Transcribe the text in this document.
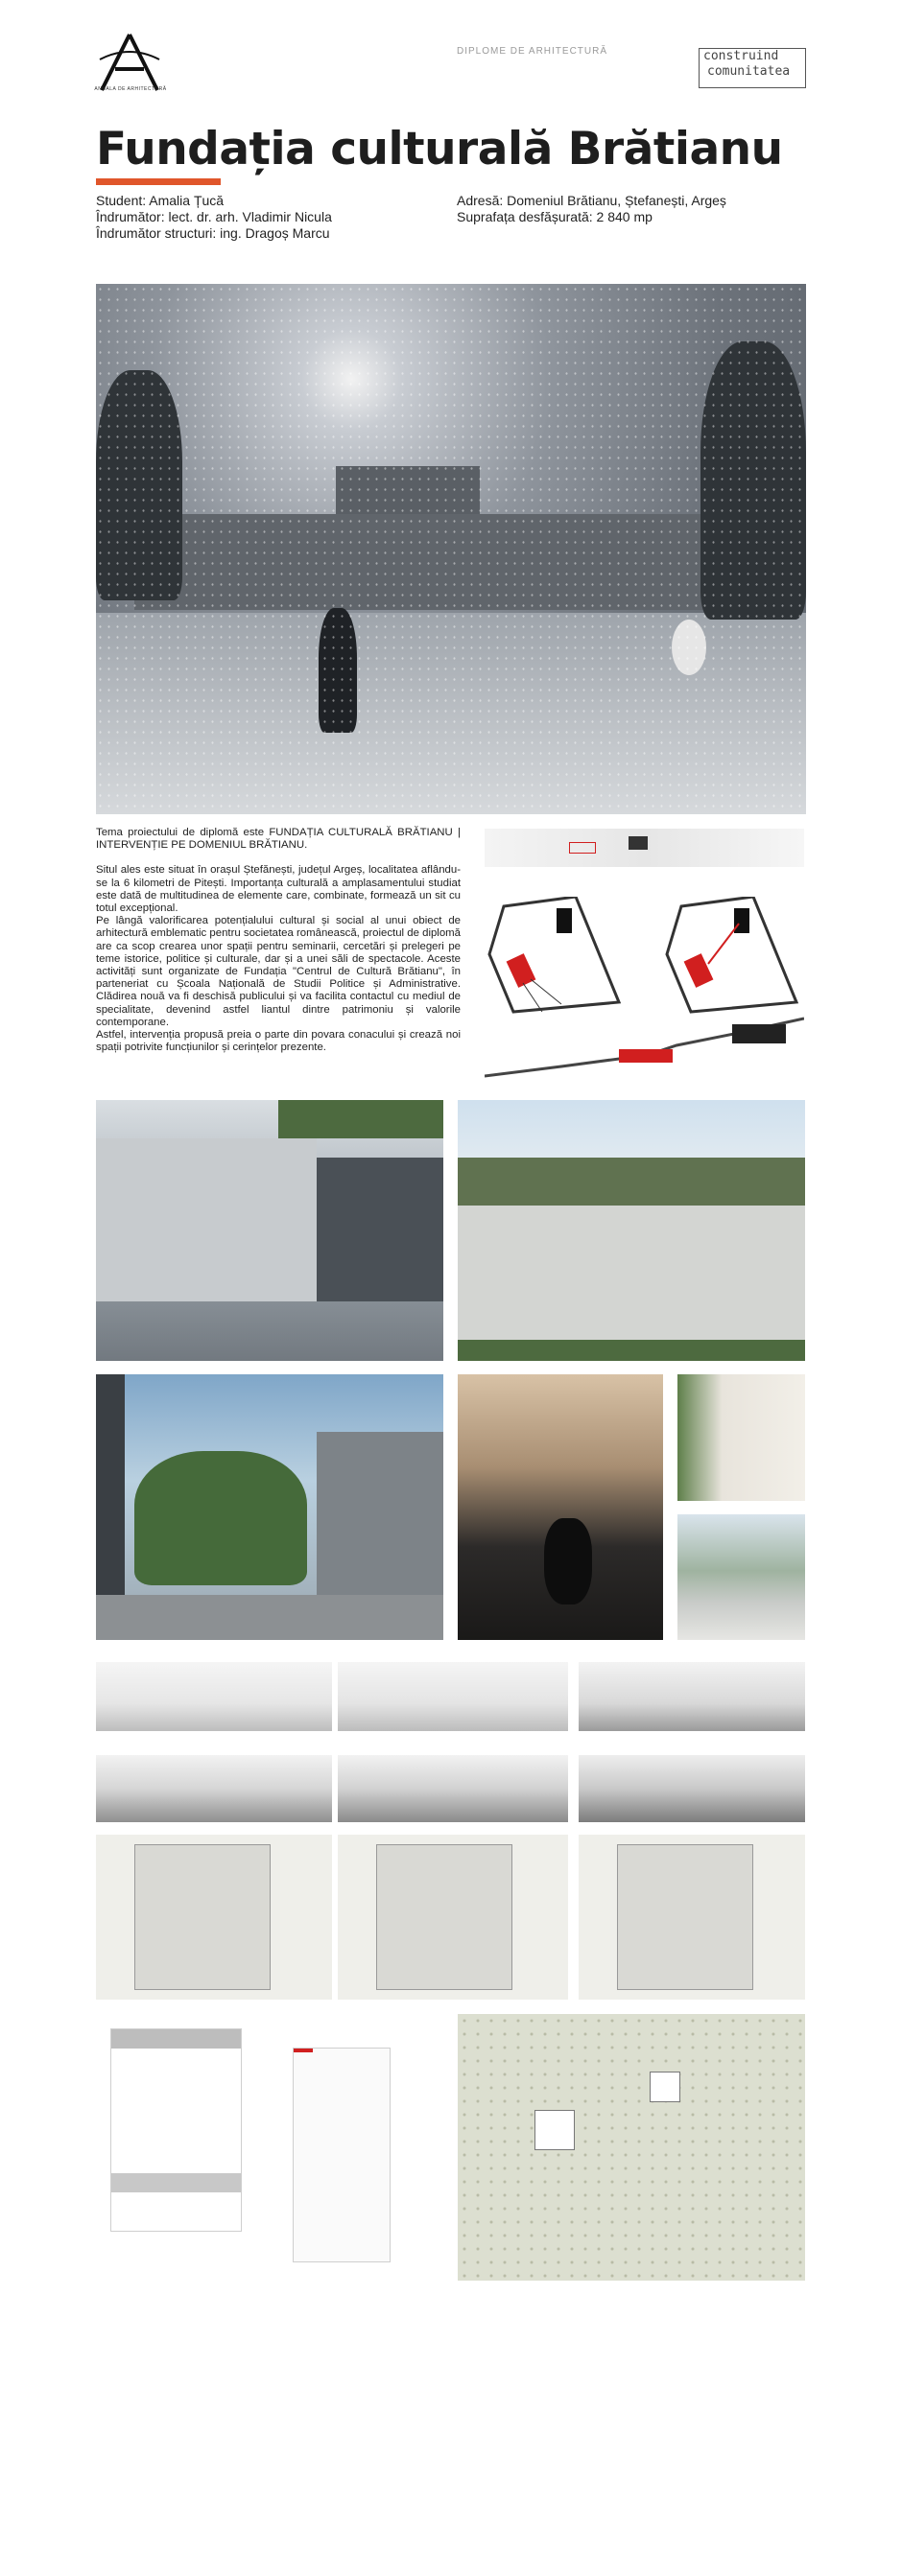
ANUALA DE ARHITECTURĂ
DIPLOME DE ARHITECTURĂ	construind
comunitatea
Fundația culturală Brătianu
Student: Amalia Țucă
Îndrumător: lect. dr. arh. Vladimir Nicula
Îndrumător structuri: ing. Dragoș Marcu
Adresă: Domeniul Brătianu, Ștefanești, Argeș
Suprafața desfășurată: 2 840 mp

Tema proiectului de diplomă este FUNDAȚIA CULTURALĂ BRĂTIANU | INTERVENȚIE PE DOMENIUL BRĂTIANU.

Situl ales este situat în orașul Ștefănești, județul Argeș, localitatea aflându-se la 6 kilometri de Pitești. Importanța culturală a amplasamentului studiat este dată de multitudinea de elemente care, combinate, formează un sit cu totul excepțional.

Pe lângă valorificarea potențialului cultural și social al unui obiect de arhitectură emblematic pentru societatea românească, proiectul de diplomă are ca scop crearea unor spații pentru seminarii, cercetări și prelegeri pe teme istorice, politice și culturale, dar și a unei săli de spectacole. Aceste activități sunt organizate de Fundația "Centrul de Cultură Brătianu", în parteneriat cu Școala Națională de Studii Politice și Administrative. Clădirea nouă va fi deschisă publicului și va facilita contactul cu mediul de specialitate, devenind astfel liantul dintre patrimoniu și valorile contemporane.

Astfel, intervenția propusă preia o parte din povara conacului și crează noi spații potrivite funcțiunilor și cerințelor prezente.
